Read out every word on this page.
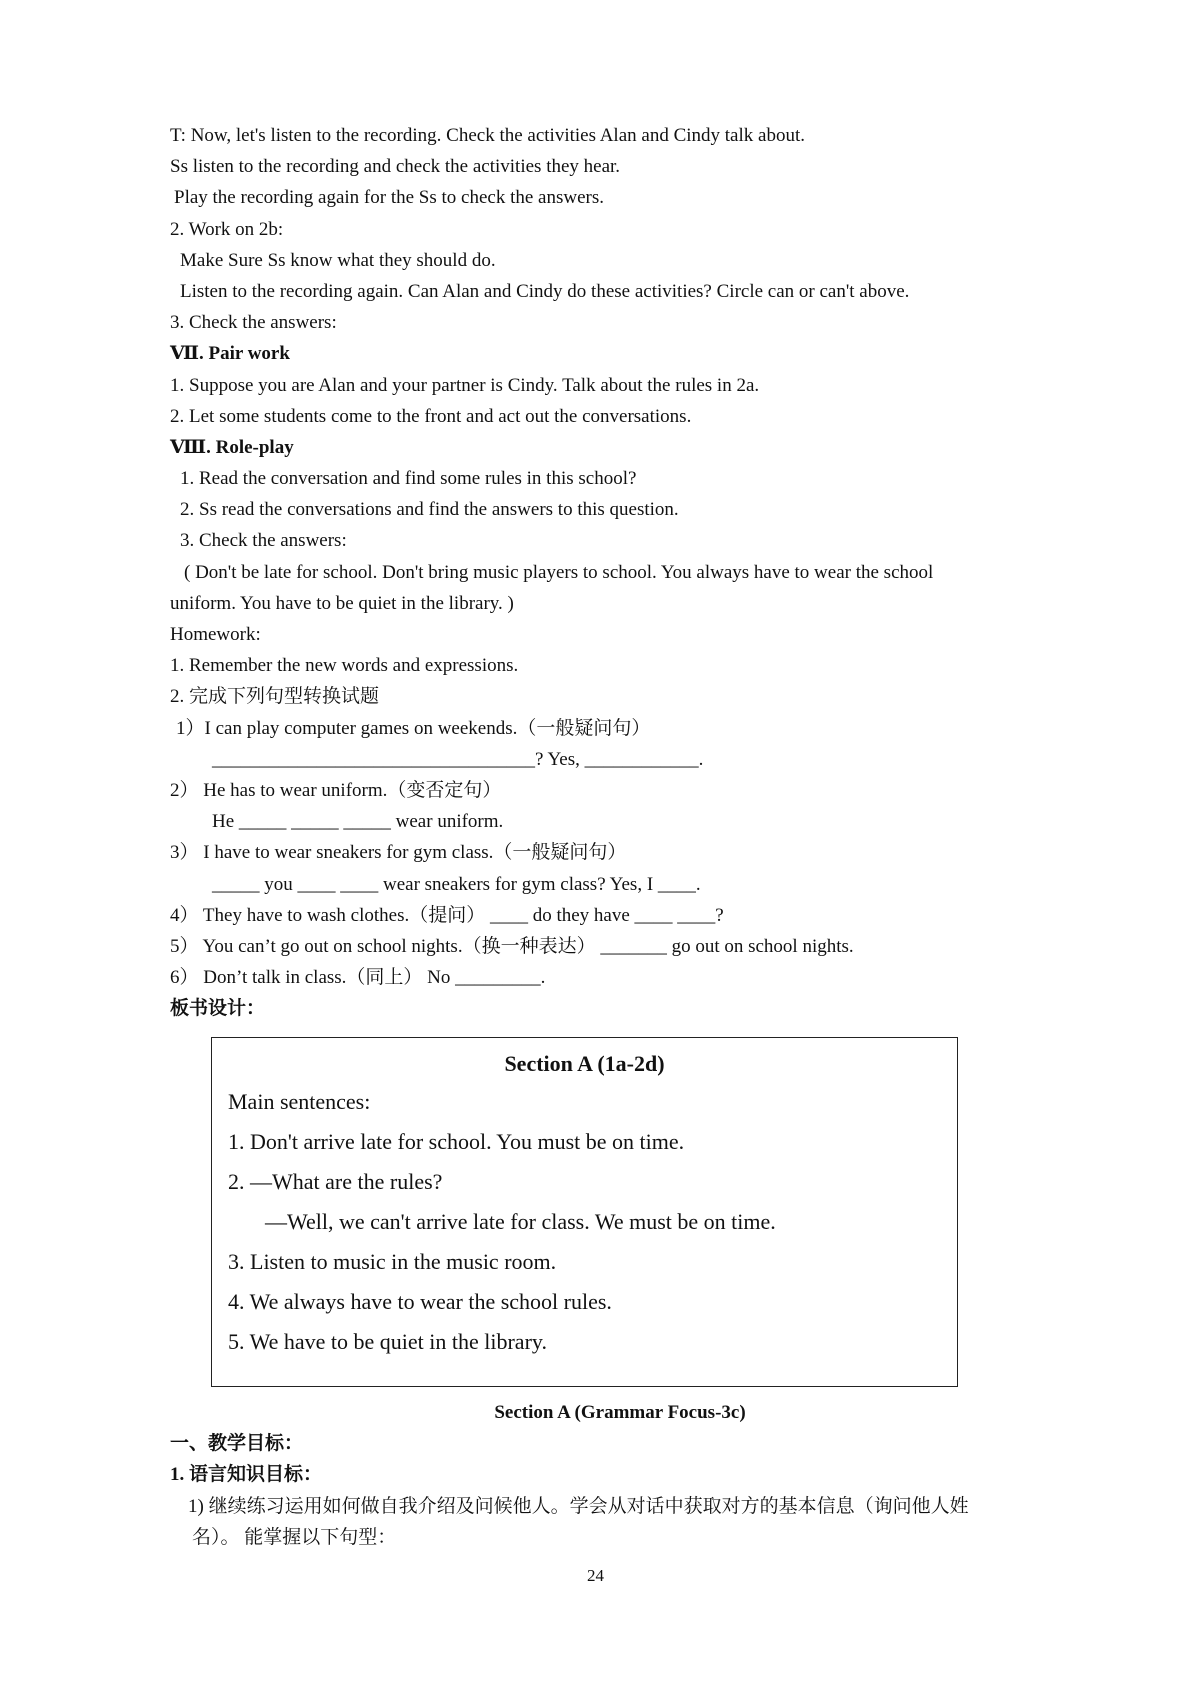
T: Now, let's listen to the recording. Check the activities Alan and Cindy talk about.
Ss listen to the recording and check the activities they hear.
Play the recording again for the Ss to check the answers.
2. Work on 2b:
Make Sure Ss know what they should do.
Listen to the recording again. Can Alan and Cindy do these activities? Circle can or can't above.
3. Check the answers:
Ⅶ. Pair work
1. Suppose you are Alan and your partner is Cindy. Talk about the rules in 2a.
2. Let some students come to the front and act out the conversations.
Ⅷ. Role-play
1. Read the conversation and find some rules in this school?
2. Ss read the conversations and find the answers to this question.
3. Check the answers:
( Don't be late for school. Don't bring music players to school. You always have to wear the school
uniform. You have to be quiet in the library. )
Homework:
1. Remember the new words and expressions.
2. 完成下列句型转换试题
1）I can play computer games on weekends.（一般疑问句）
__________________________________? Yes, ____________.
2） He has to wear uniform.（变否定句）
He _____ _____ _____ wear uniform.
3） I have to wear sneakers for gym class.（一般疑问句）
_____ you ____ ____ wear sneakers for gym class? Yes, I ____.
4） They have to wash clothes.（提问） ____ do they have ____ ____?
5） You can’t go out on school nights.（换一种表达） _______ go out on school nights.
6） Don’t talk in class.（同上） No _________.
板书设计：
Section A (1a-2d)
Main sentences:
1. Don't arrive late for school. You must be on time.
2. —What are the rules?
—Well, we can't arrive late for class. We must be on time.
3. Listen to music in the music room.
4. We always have to wear the school rules.
5. We have to be quiet in the library.
Section A (Grammar Focus-3c)
一、教学目标：
1. 语言知识目标：
1) 继续练习运用如何做自我介绍及问候他人。学会从对话中获取对方的基本信息（询问他人姓
名）。 能掌握以下句型：
24
